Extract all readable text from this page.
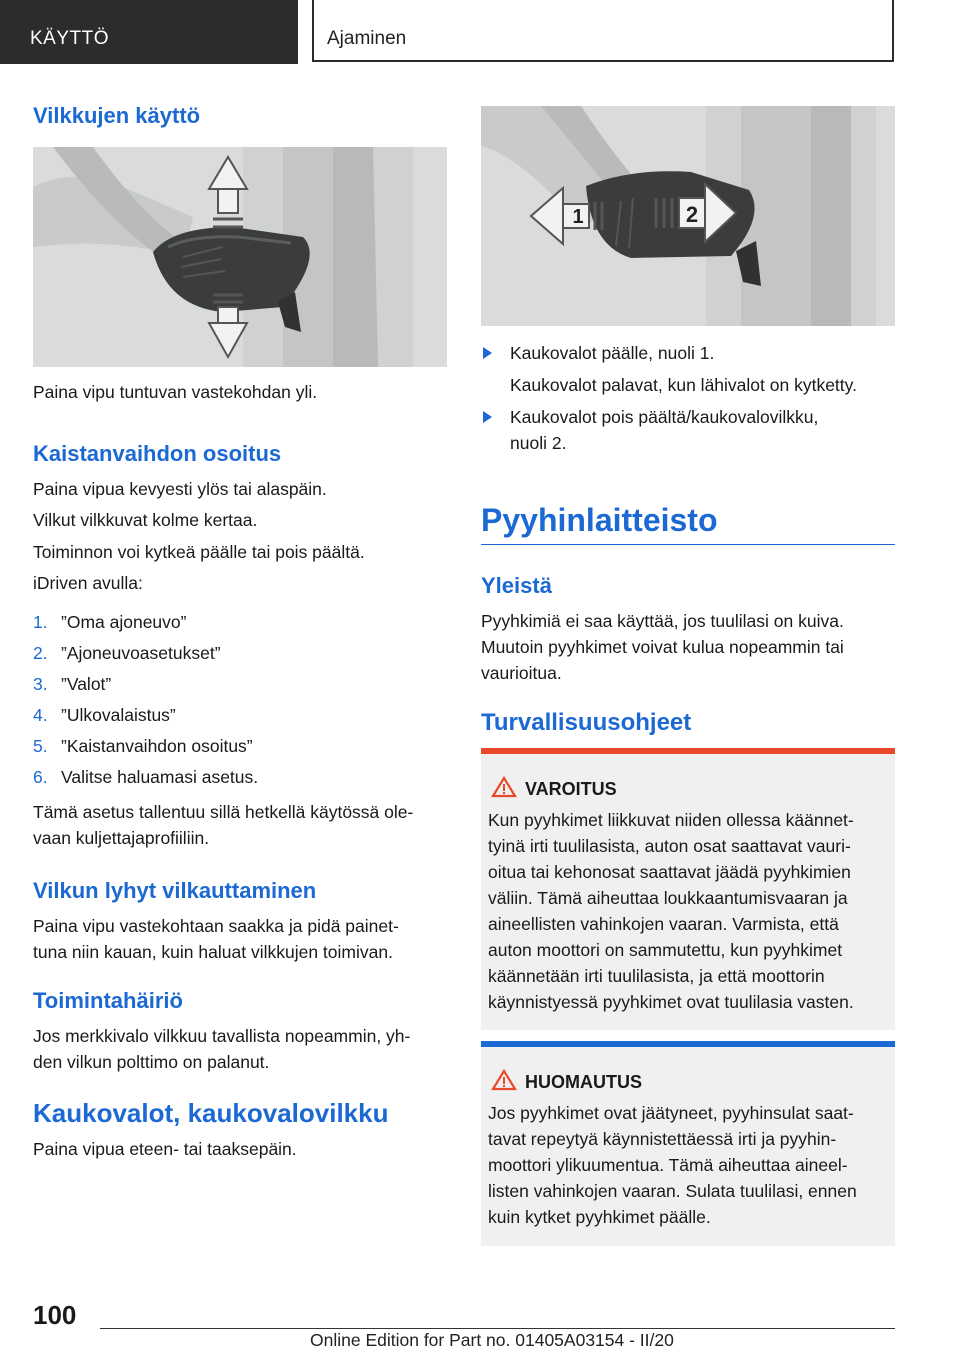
KÄYTTÖ	Ajaminen
Vilkkujen käyttö

Paina vipu tuntuvan vastekohdan yli.

Kaistanvaihdon osoitus

Paina vipua kevyesti ylös tai alaspäin.

Vilkut vilkkuvat kolme kertaa.

Toiminnon voi kytkeä päälle tai pois päältä.

iDriven avulla:

1. ”Oma ajoneuvo”
2. ”Ajoneuvoasetukset”
3. ”Valot”
4. ”Ulkovalaistus”
5. ”Kaistanvaihdon osoitus”
6. Valitse haluamasi asetus.

Tämä asetus tallentuu sillä hetkellä käytössä ole-

vaan kuljettajaprofiiliin.

Vilkun lyhyt vilkauttaminen

Paina vipu vastekohtaan saakka ja pidä painet-

tuna niin kauan, kuin haluat vilkkujen toimivan.

Toimintahäiriö

Jos merkkivalo vilkkuu tavallista nopeammin, yh-

den vilkun polttimo on palanut.

Kaukovalot, kaukovalovilkku

Paina vipua eteen- tai taaksepäin.

1	2
Kaukovalot päälle, nuoli 1.
Kaukovalot palavat, kun lähivalot on kytketty.
Kaukovalot pois päältä/kaukovalovilkku,
nuoli 2.
Pyyhinlaitteisto
Yleistä

Pyyhkimiä ei saa käyttää, jos tuulilasi on kuiva.

Muutoin pyyhkimet voivat kulua nopeammin tai

vaurioitua.

Turvallisuusohjeet
VAROITUS
Kun pyyhkimet liikkuvat niiden ollessa käännet-
tyinä irti tuulilasista, auton osat saattavat vauri-
oitua tai kehonosat saattavat jäädä pyyhkimien
väliin. Tämä aiheuttaa loukkaantumisvaaran ja
aineellisten vahinkojen vaaran. Varmista, että
auton moottori on sammutettu, kun pyyhkimet
käännetään irti tuulilasista, ja että moottorin
käynnistyessä pyyhkimet ovat tuulilasia vasten.
HUOMAUTUS
Jos pyyhkimet ovat jäätyneet, pyyhinsulat saat-
tavat repeytyä käynnistettäessä irti ja pyyhin-
moottori ylikuumentua. Tämä aiheuttaa aineel-
listen vahinkojen vaaran. Sulata tuulilasi, ennen
kuin kytket pyyhkimet päälle.
100
Online Edition for Part no. 01405A03154 - II/20
